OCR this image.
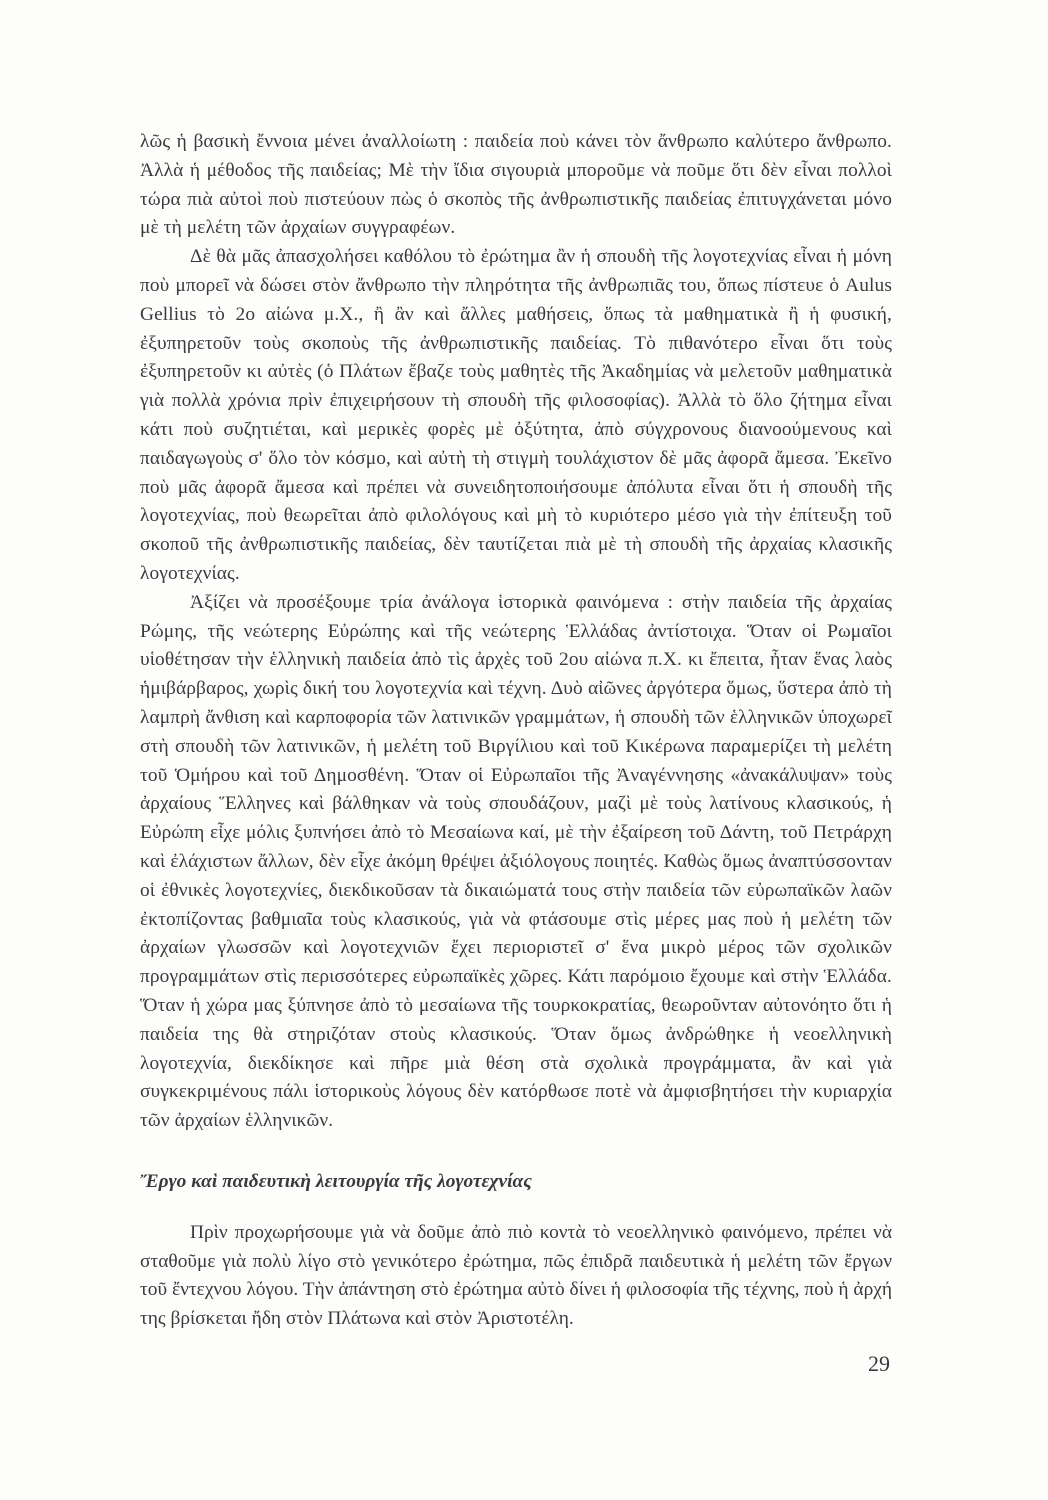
λῶς ἡ βασικὴ ἔννοια μένει ἀναλλοίωτη : παιδεία ποὺ κάνει τὸν ἄνθρωπο καλύτερο ἄνθρωπο. Ἀλλὰ ἡ μέθοδος τῆς παιδείας; Μὲ τὴν ἴδια σιγουριὰ μποροῦμε νὰ ποῦμε ὅτι δὲν εἶναι πολλοὶ τώρα πιὰ αὐτοὶ ποὺ πιστεύουν πὼς ὁ σκοπὸς τῆς ἀνθρωπιστικῆς παιδείας ἐπιτυγχάνεται μόνο μὲ τὴ μελέτη τῶν ἀρχαίων συγγραφέων.

Δὲ θὰ μᾶς ἀπασχολήσει καθόλου τὸ ἐρώτημα ἂν ἡ σπουδὴ τῆς λογοτεχνίας εἶναι ἡ μόνη ποὺ μπορεῖ νὰ δώσει στὸν ἄνθρωπο τὴν πληρότητα τῆς ἀνθρωπιᾶς του, ὅπως πίστευε ὁ Aulus Gellius τὸ 2ο αἰώνα μ.Χ., ἢ ἂν καὶ ἄλλες μαθήσεις, ὅπως τὰ μαθηματικὰ ἢ ἡ φυσική, ἐξυπηρετοῦν τοὺς σκοποὺς τῆς ἀνθρωπιστικῆς παιδείας. Τὸ πιθανότερο εἶναι ὅτι τοὺς ἐξυπηρετοῦν κι αὐτὲς (ὁ Πλάτων ἔβαζε τοὺς μαθητὲς τῆς Ἀκαδημίας νὰ μελετοῦν μαθηματικὰ γιὰ πολλὰ χρόνια πρὶν ἐπιχειρήσουν τὴ σπουδὴ τῆς φιλοσοφίας). Ἀλλὰ τὸ ὅλο ζήτημα εἶναι κάτι ποὺ συζητιέται, καὶ μερικὲς φορὲς μὲ ὀξύτητα, ἀπὸ σύγχρονους διανοούμενους καὶ παιδαγωγοὺς σ' ὅλο τὸν κόσμο, καὶ αὐτὴ τὴ στιγμὴ τουλάχιστον δὲ μᾶς ἀφορᾶ ἄμεσα. Ἐκεῖνο ποὺ μᾶς ἀφορᾶ ἄμεσα καὶ πρέπει νὰ συνειδητοποιήσουμε ἀπόλυτα εἶναι ὅτι ἡ σπουδὴ τῆς λογοτεχνίας, ποὺ θεωρεῖται ἀπὸ φιλολόγους καὶ μὴ τὸ κυριότερο μέσο γιὰ τὴν ἐπίτευξη τοῦ σκοποῦ τῆς ἀνθρωπιστικῆς παιδείας, δὲν ταυτίζεται πιὰ μὲ τὴ σπουδὴ τῆς ἀρχαίας κλασικῆς λογοτεχνίας.

Ἀξίζει νὰ προσέξουμε τρία ἀνάλογα ἱστορικὰ φαινόμενα : στὴν παιδεία τῆς ἀρχαίας Ρώμης, τῆς νεώτερης Εὐρώπης καὶ τῆς νεώτερης Ἑλλάδας ἀντίστοιχα. Ὅταν οἱ Ρωμαῖοι υἱοθέτησαν τὴν ἑλληνικὴ παιδεία ἀπὸ τὶς ἀρχὲς τοῦ 2ου αἰώνα π.Χ. κι ἔπειτα, ἦταν ἕνας λαὸς ἡμιβάρβαρος, χωρὶς δική του λογοτεχνία καὶ τέχνη. Δυὸ αἰῶνες ἀργότερα ὅμως, ὕστερα ἀπὸ τὴ λαμπρὴ ἄνθιση καὶ καρποφορία τῶν λατινικῶν γραμμάτων, ἡ σπουδὴ τῶν ἑλληνικῶν ὑποχωρεῖ στὴ σπουδὴ τῶν λατινικῶν, ἡ μελέτη τοῦ Βιργίλιου καὶ τοῦ Κικέρωνα παραμερίζει τὴ μελέτη τοῦ Ὁμήρου καὶ τοῦ Δημοσθένη. Ὅταν οἱ Εὐρωπαῖοι τῆς Ἀναγέννησης «ἀνακάλυψαν» τοὺς ἀρχαίους Ἕλληνες καὶ βάλθηκαν νὰ τοὺς σπουδάζουν, μαζὶ μὲ τοὺς λατίνους κλασικούς, ἡ Εὐρώπη εἶχε μόλις ξυπνήσει ἀπὸ τὸ Μεσαίωνα καί, μὲ τὴν ἐξαίρεση τοῦ Δάντη, τοῦ Πετράρχη καὶ ἐλάχιστων ἄλλων, δὲν εἶχε ἀκόμη θρέψει ἀξιόλογους ποιητές. Καθὼς ὅμως ἀναπτύσσονταν οἱ ἐθνικὲς λογοτεχνίες, διεκδικοῦσαν τὰ δικαιώματά τους στὴν παιδεία τῶν εὐρωπαϊκῶν λαῶν ἐκτοπίζοντας βαθμιαῖα τοὺς κλασικούς, γιὰ νὰ φτάσουμε στὶς μέρες μας ποὺ ἡ μελέτη τῶν ἀρχαίων γλωσσῶν καὶ λογοτεχνιῶν ἔχει περιοριστεῖ σ' ἕνα μικρὸ μέρος τῶν σχολικῶν προγραμμάτων στὶς περισσότερες εὐρωπαϊκὲς χῶρες. Κάτι παρόμοιο ἔχουμε καὶ στὴν Ἑλλάδα. Ὅταν ἡ χώρα μας ξύπνησε ἀπὸ τὸ μεσαίωνα τῆς τουρκοκρατίας, θεωροῦνταν αὐτονόητο ὅτι ἡ παιδεία της θὰ στηριζόταν στοὺς κλασικούς. Ὅταν ὅμως ἀνδρώθηκε ἡ νεοελληνικὴ λογοτεχνία, διεκδίκησε καὶ πῆρε μιὰ θέση στὰ σχολικὰ προγράμματα, ἂν καὶ γιὰ συγκεκριμένους πάλι ἱστορικοὺς λόγους δὲν κατόρθωσε ποτὲ νὰ ἀμφισβητήσει τὴν κυριαρχία τῶν ἀρχαίων ἑλληνικῶν.

Ἔργο καὶ παιδευτικὴ λειτουργία τῆς λογοτεχνίας

Πρὶν προχωρήσουμε γιὰ νὰ δοῦμε ἀπὸ πιὸ κοντὰ τὸ νεοελληνικὸ φαινόμενο, πρέπει νὰ σταθοῦμε γιὰ πολὺ λίγο στὸ γενικότερο ἐρώτημα, πῶς ἐπιδρᾶ παιδευτικὰ ἡ μελέτη τῶν ἔργων τοῦ ἔντεχνου λόγου. Τὴν ἀπάντηση στὸ ἐρώτημα αὐτὸ δίνει ἡ φιλοσοφία τῆς τέχνης, ποὺ ἡ ἀρχή της βρίσκεται ἤδη στὸν Πλάτωνα καὶ στὸν Ἀριστοτέλη.

29
